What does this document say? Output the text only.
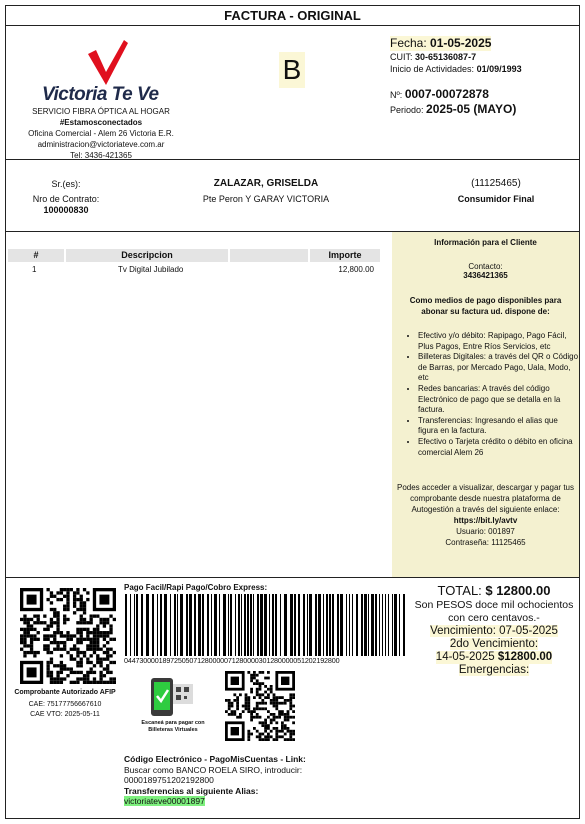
FACTURA - ORIGINAL
Victoria Te Ve
SERVICIO FIBRA ÓPTICA AL HOGAR
#Estamosconectados
Oficina Comercial - Alem 26 Victoria E.R.
administracion@victoriateve.com.ar
Tel: 3436-421365
B
Fecha: 01-05-2025
CUIT: 30-65136087-7
Inicio de Actividades: 01/09/1993
Nº: 0007-00072878
Periodo: 2025-05 (MAYO)
Sr.(es):
Nro de Contrato:
100000830
ZALAZAR, GRISELDA
Pte Peron Y GARAY VICTORIA
(11125465)
Consumidor Final
#	Descripcion	Importe
1	Tv Digital Jubilado	12,800.00
Información para el Cliente
Contacto:
3436421365
Como medios de pago disponibles para abonar su factura ud. dispone de:
• Efectivo y/o débito: Rapipago, Pago Fácil, Plus Pagos, Entre Ríos Servicios, etc
• Billeteras Digitales: a través del QR o Código de Barras, por Mercado Pago, Uala, Modo, etc
• Redes bancarias: A través del código Electrónico de pago que se detalla en la factura.
• Transferencias: Ingresando el alias que figura en la factura.
• Efectivo o Tarjeta crédito o débito en oficina comercial Alem 26
Podes acceder a visualizar, descargar y pagar tus comprobante desde nuestra plataforma de Autogestión a través del siguiente enlace:
https://bit.ly/avtv
Usuario: 001897
Contraseña: 11125465
Comprobante Autorizado AFIP
CAE: 75177756667610
CAE VTO: 2025-05-11
Pago Facil/Rapi Pago/Cobro Express:
04473000018972505071280000071280000301280000051202192800
Escaneá para pagar con Billeteras Virtuales
Código Electrónico - PagoMisCuentas - Link:
Buscar como BANCO ROELA SIRO, introducir:
0000189751202192800
Transferencias al siguiente Alias:
victoriateve00001897
TOTAL: $ 12800.00
Son PESOS doce mil ochocientos con cero centavos.-
Vencimiento: 07-05-2025
2do Vencimiento:
14-05-2025 $12800.00
Emergencias:
